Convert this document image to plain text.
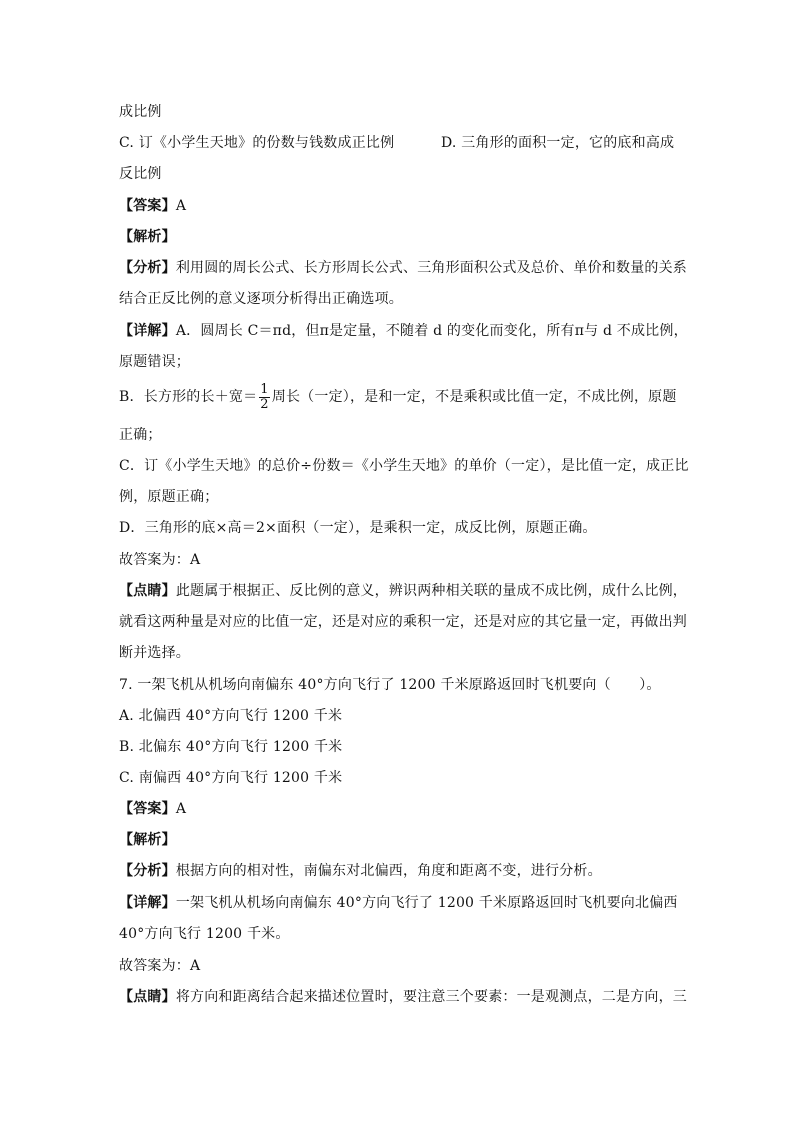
成比例
C. 订《小学生天地》的份数与钱数成正比例	D. 三角形的面积一定，它的底和高成
反比例
【答案】A
【解析】
【分析】利用圆的周长公式、长方形周长公式、三角形面积公式及总价、单价和数量的关系
结合正反比例的意义逐项分析得出正确选项。
【详解】A．圆周长 C＝πd，但π是定量，不随着 d 的变化而变化，所有π与 d 不成比例，
原题错误；
B．长方形的长＋宽＝ $\frac{1}{2}$ 周长（一定），是和一定，不是乘积或比值一定，不成比例，原题
正确；
C．订《小学生天地》的总价÷份数＝《小学生天地》的单价（一定），是比值一定，成正比
例，原题正确；
D．三角形的底×高＝2×面积（一定），是乘积一定，成反比例，原题正确。
故答案为：A
【点睛】此题属于根据正、反比例的意义，辨识两种相关联的量成不成比例，成什么比例，
就看这两种量是对应的比值一定，还是对应的乘积一定，还是对应的其它量一定，再做出判
断并选择。
7. 一架飞机从机场向南偏东 40°方向飞行了 1200 千米原路返回时飞机要向（　　）。
A. 北偏西 40°方向飞行 1200 千米
B. 北偏东 40°方向飞行 1200 千米
C. 南偏西 40°方向飞行 1200 千米
【答案】A
【解析】
【分析】根据方向的相对性，南偏东对北偏西，角度和距离不变，进行分析。
【详解】一架飞机从机场向南偏东 40°方向飞行了 1200 千米原路返回时飞机要向北偏西
40°方向飞行 1200 千米。
故答案为：A
【点睛】将方向和距离结合起来描述位置时，要注意三个要素：一是观测点，二是方向，三
